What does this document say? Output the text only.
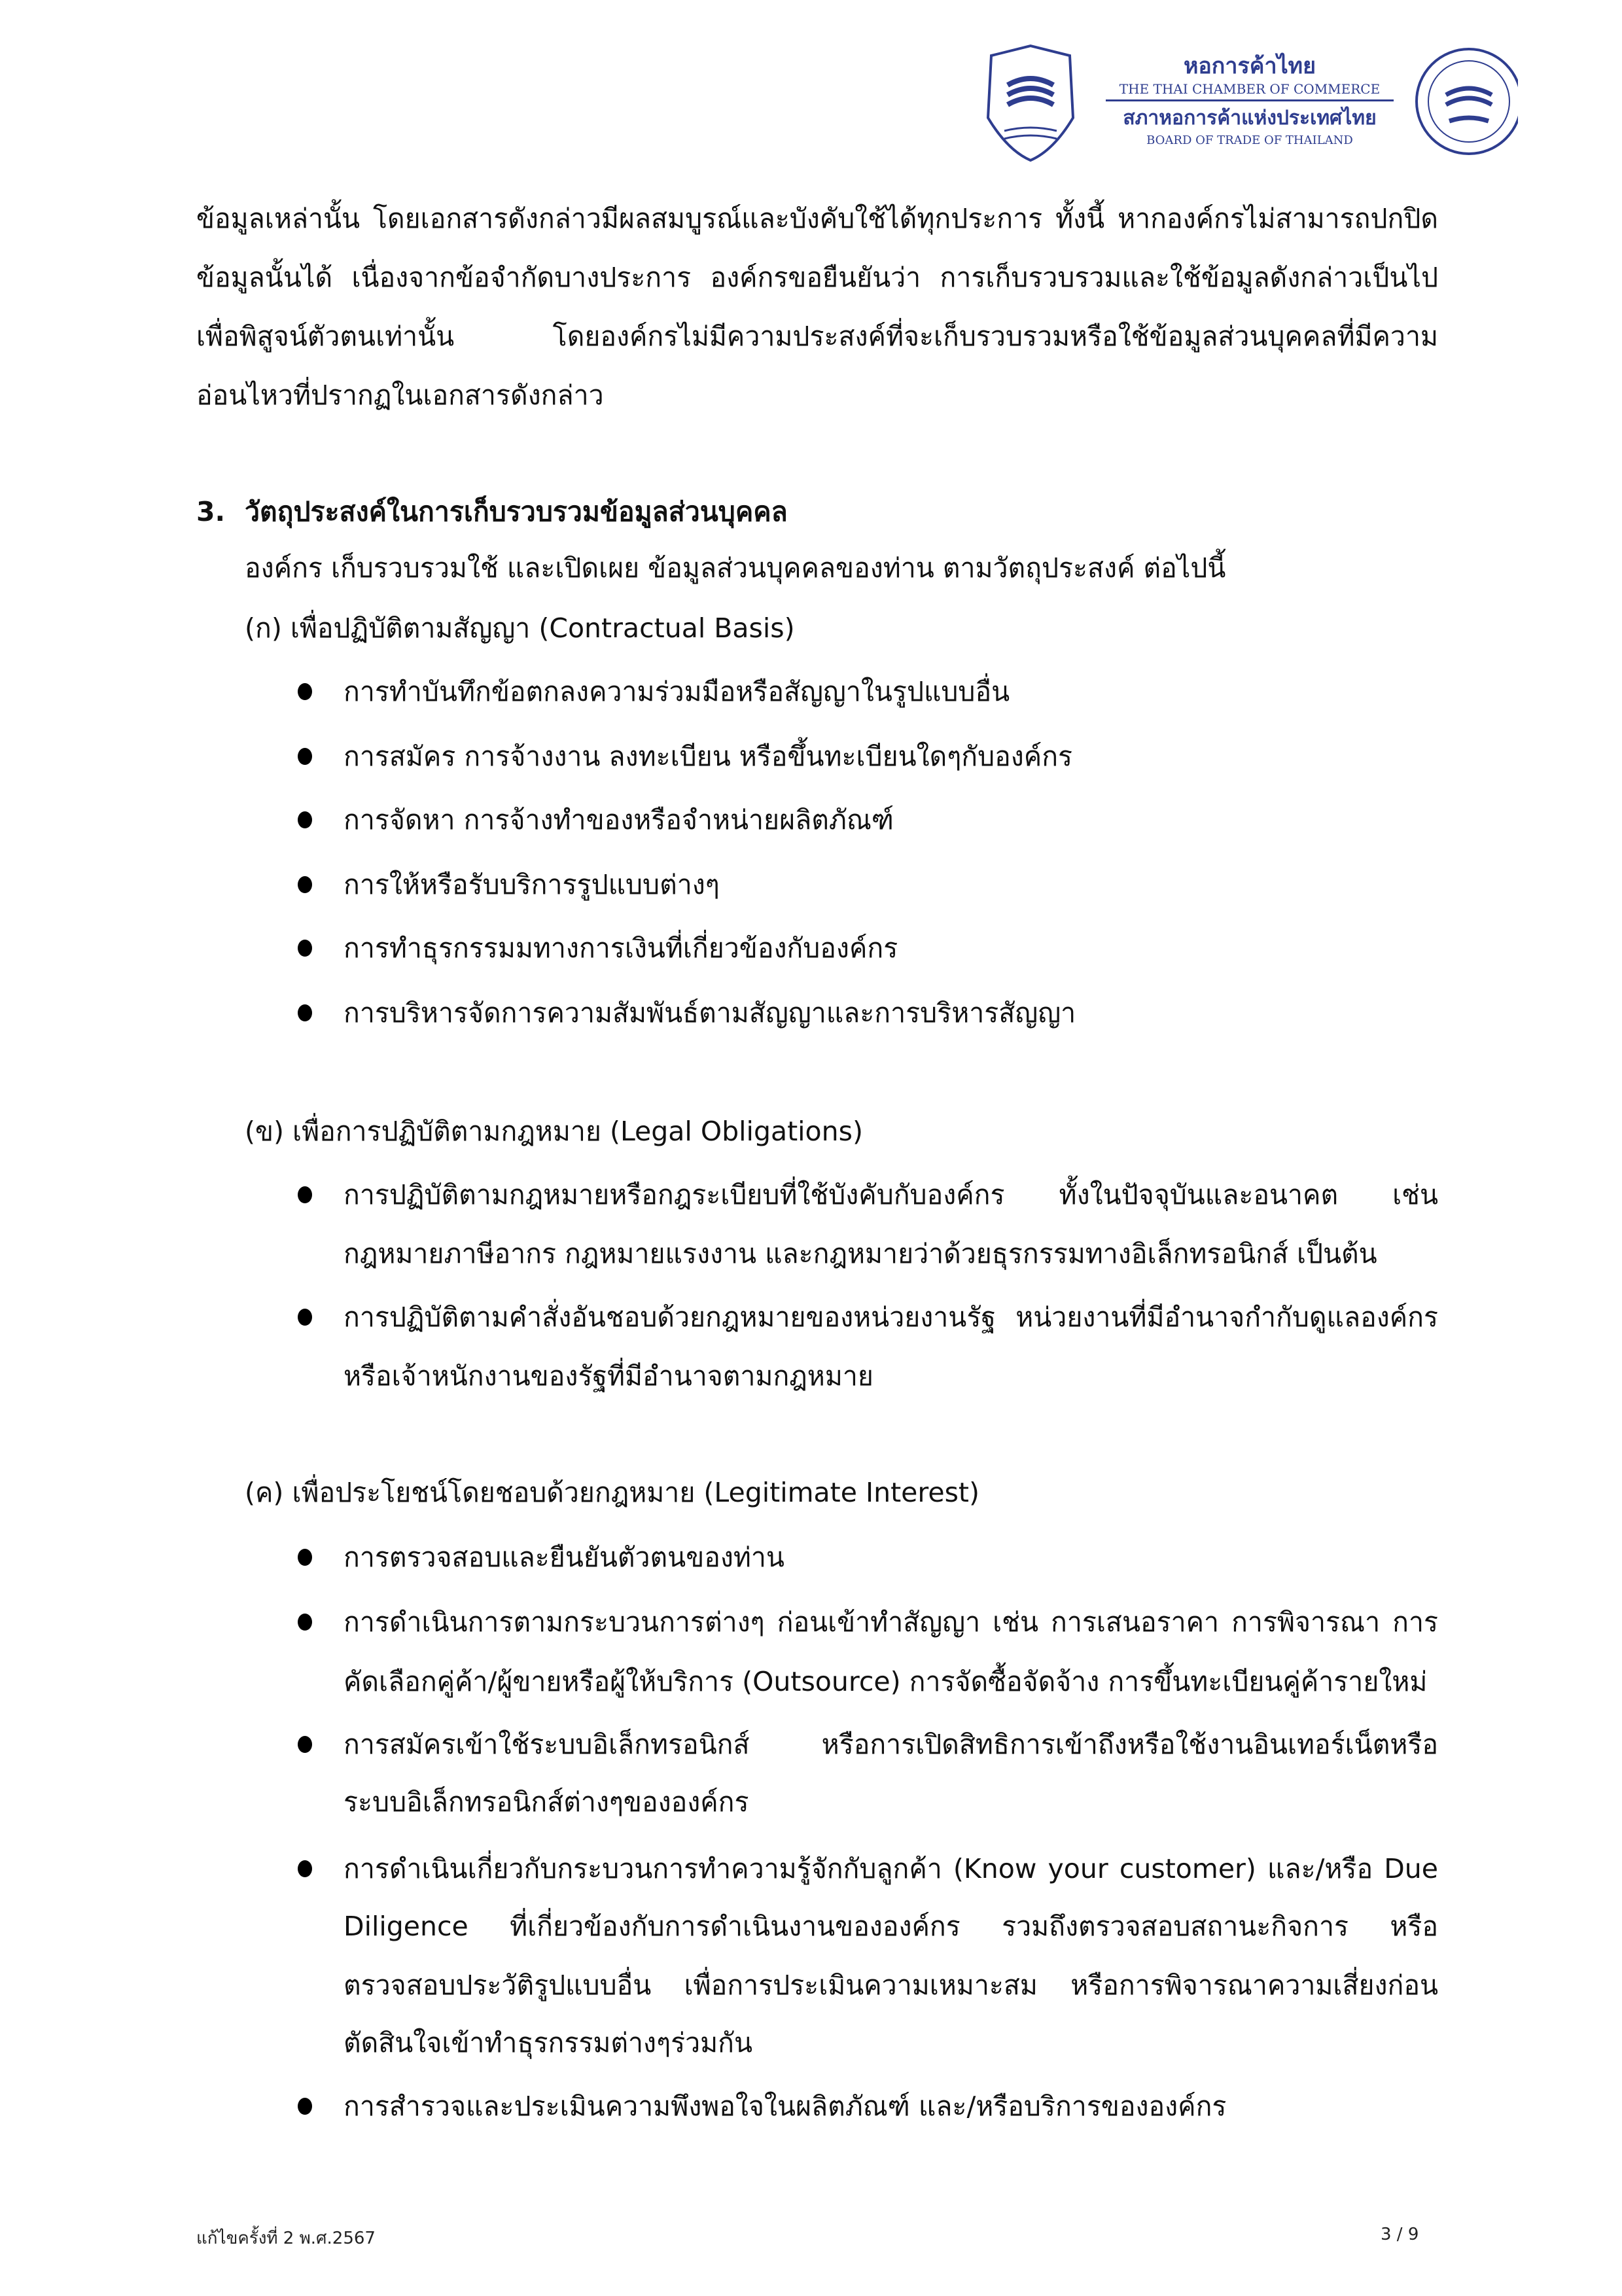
หอการค้าไทย
THE THAI CHAMBER OF COMMERCE
สภาหอการค้าแห่งประเทศไทย
BOARD OF TRADE OF THAILAND
ข้อมูลเหล่านั้น โดยเอกสารดังกล่าวมีผลสมบูรณ์และบังคับใช้ได้ทุกประการ ทั้งนี้ หากองค์กรไม่สามารถปกปิด
ข้อมูลนั้นได้ เนื่องจากข้อจำกัดบางประการ องค์กรขอยืนยันว่า การเก็บรวบรวมและใช้ข้อมูลดังกล่าวเป็นไป
เพื่อพิสูจน์ตัวตนเท่านั้น โดยองค์กรไม่มีความประสงค์ที่จะเก็บรวบรวมหรือใช้ข้อมูลส่วนบุคคลที่มีความ
อ่อนไหวที่ปรากฏในเอกสารดังกล่าว
3. วัตถุประสงค์ในการเก็บรวบรวมข้อมูลส่วนบุคคล
องค์กร เก็บรวบรวมใช้ และเปิดเผย ข้อมูลส่วนบุคคลของท่าน ตามวัตถุประสงค์ ต่อไปนี้
(ก) เพื่อปฏิบัติตามสัญญา (Contractual Basis)
การทำบันทึกข้อตกลงความร่วมมือหรือสัญญาในรูปแบบอื่น
การสมัคร การจ้างงาน ลงทะเบียน หรือขึ้นทะเบียนใดๆกับองค์กร
การจัดหา การจ้างทำของหรือจำหน่ายผลิตภัณฑ์
การให้หรือรับบริการรูปแบบต่างๆ
การทำธุรกรรมมทางการเงินที่เกี่ยวข้องกับองค์กร
การบริหารจัดการความสัมพันธ์ตามสัญญาและการบริหารสัญญา
(ข) เพื่อการปฏิบัติตามกฎหมาย (Legal Obligations)
การปฏิบัติตามกฎหมายหรือกฎระเบียบที่ใช้บังคับกับองค์กร ทั้งในปัจจุบันและอนาคต เช่น
กฎหมายภาษีอากร กฎหมายแรงงาน และกฎหมายว่าด้วยธุรกรรมทางอิเล็กทรอนิกส์ เป็นต้น
การปฏิบัติตามคำสั่งอันชอบด้วยกฎหมายของหน่วยงานรัฐ หน่วยงานที่มีอำนาจกำกับดูแลองค์กร
หรือเจ้าหนักงานของรัฐที่มีอำนาจตามกฎหมาย
(ค) เพื่อประโยชน์โดยชอบด้วยกฎหมาย (Legitimate Interest)
การตรวจสอบและยืนยันตัวตนของท่าน
การดำเนินการตามกระบวนการต่างๆ ก่อนเข้าทำสัญญา เช่น การเสนอราคา การพิจารณา การ
คัดเลือกคู่ค้า/ผู้ขายหรือผู้ให้บริการ (Outsource) การจัดซื้อจัดจ้าง การขึ้นทะเบียนคู่ค้ารายใหม่
การสมัครเข้าใช้ระบบอิเล็กทรอนิกส์ หรือการเปิดสิทธิการเข้าถึงหรือใช้งานอินเทอร์เน็ตหรือ
ระบบอิเล็กทรอนิกส์ต่างๆขององค์กร
การดำเนินเกี่ยวกับกระบวนการทำความรู้จักกับลูกค้า (Know your customer) และ/หรือ Due
Diligence ที่เกี่ยวข้องกับการดำเนินงานขององค์กร รวมถึงตรวจสอบสถานะกิจการ หรือ
ตรวจสอบประวัติรูปแบบอื่น เพื่อการประเมินความเหมาะสม หรือการพิจารณาความเสี่ยงก่อน
ตัดสินใจเข้าทำธุรกรรมต่างๆร่วมกัน
การสำรวจและประเมินความพึงพอใจในผลิตภัณฑ์ และ/หรือบริการขององค์กร
แก้ไขครั้งที่ 2 พ.ศ.2567	3 / 9
